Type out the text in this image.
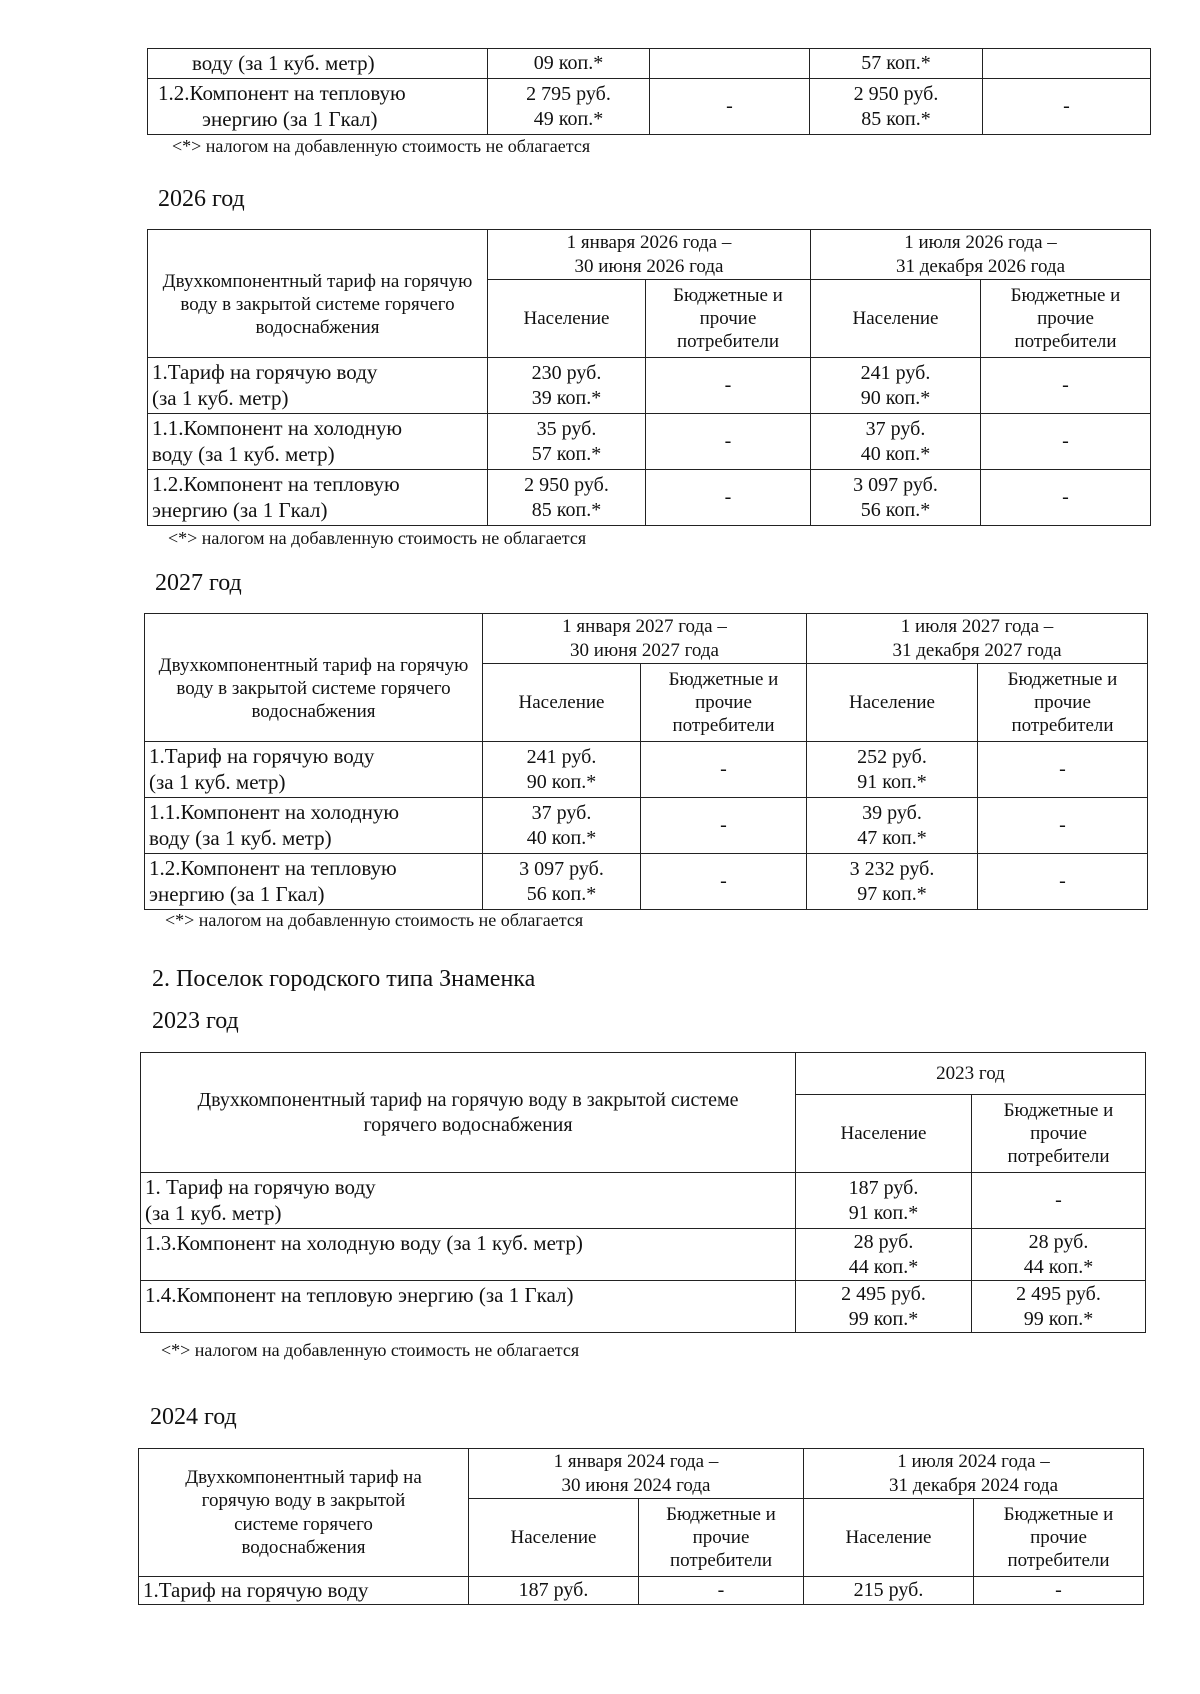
воду (за 1 куб. метр)	09 коп.*		57 коп.*	

1.2.Компонент на тепловую
энергию (за 1 Гкал)	2 795 руб.
49 коп.*	-	2 950 руб.
85 коп.*	-
<*> налогом на добавленную стоимость не облагается
2026 год
Двухкомпонентный тариф на горячую воду в закрытой системе горячего водоснабжения	1 января 2026 года –
30 июня 2026 года		1 июля 2026 года –
31 декабря 2026 года	

	Население	Бюджетные и
прочие
потребители	Население	Бюджетные и
прочие
потребители

1.Тариф на горячую воду
(за 1 куб. метр)	230 руб.
39 коп.*	-	241 руб.
90 коп.*	-

1.1.Компонент на холодную
воду (за 1 куб. метр)	35 руб.
57 коп.*	-	37 руб.
40 коп.*	-

1.2.Компонент на тепловую
энергию (за 1 Гкал)	2 950 руб.
85 коп.*	-	3 097 руб.
56 коп.*	-
<*> налогом на добавленную стоимость не облагается
2027 год
Двухкомпонентный тариф на горячую воду в закрытой системе горячего водоснабжения	1 января 2027 года –
30 июня 2027 года		1 июля 2027 года –
31 декабря 2027 года	

	Население	Бюджетные и
прочие
потребители	Население	Бюджетные и
прочие
потребители

1.Тариф на горячую воду
(за 1 куб. метр)	241 руб.
90 коп.*	-	252 руб.
91 коп.*	-

1.1.Компонент на холодную
воду (за 1 куб. метр)	37 руб.
40 коп.*	-	39 руб.
47 коп.*	-

1.2.Компонент на тепловую
энергию (за 1 Гкал)	3 097 руб.
56 коп.*	-	3 232 руб.
97 коп.*	-
<*> налогом на добавленную стоимость не облагается
2. Поселок городского типа Знаменка
2023 год
Двухкомпонентный тариф на горячую воду в закрытой системе горячего водоснабжения	2023 год	
	Население	Бюджетные и
прочие
потребители

1. Тариф на горячую воду
(за 1 куб. метр)	187 руб.
91 коп.*	-

1.3.Компонент на холодную воду (за 1 куб. метр)	28 руб.
44 коп.*	28 руб.
44 коп.*

1.4.Компонент на тепловую энергию (за 1 Гкал)	2 495 руб.
99 коп.*	2 495 руб.
99 коп.*
<*> налогом на добавленную стоимость не облагается
2024 год
Двухкомпонентный тариф на
горячую воду в закрытой
системе горячего
водоснабжения	1 января 2024 года –
30 июня 2024 года		1 июля 2024 года –
31 декабря 2024 года	

	Население	Бюджетные и
прочие
потребители	Население	Бюджетные и
прочие
потребители

1.Тариф на горячую воду	187 руб.	-	215 руб.	-
